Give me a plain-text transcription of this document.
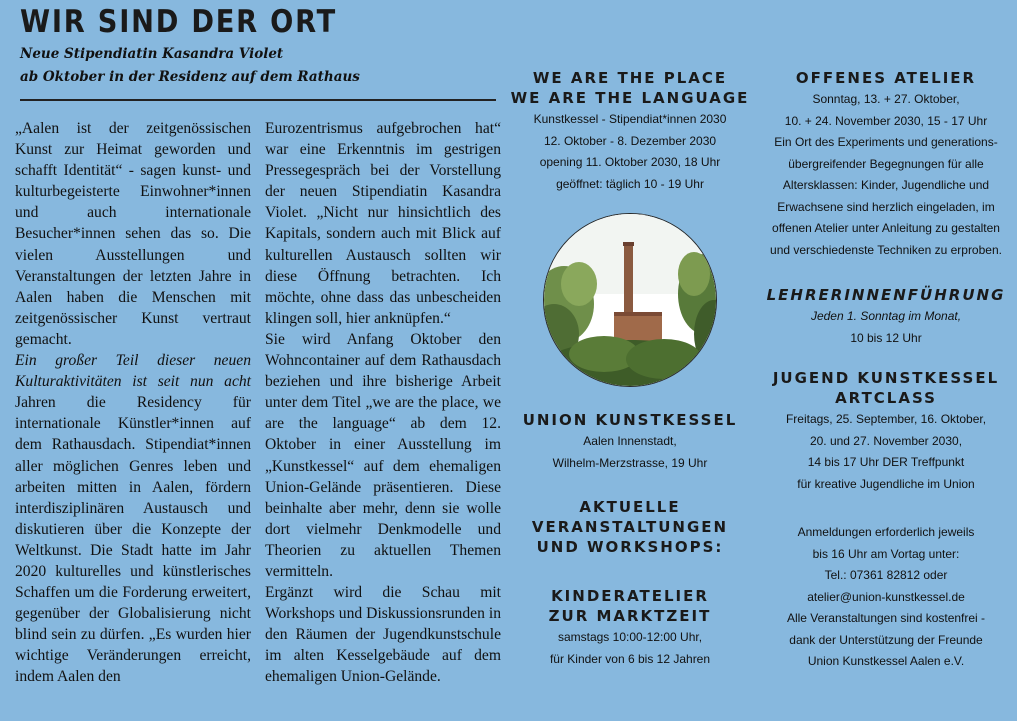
WIR SIND DER ORT

Neue Stipendiatin Kasandra Violet

ab Oktober in der Residenz auf dem Rathaus

„Aalen ist der zeitgenössischen Kunst zur Heimat geworden und schafft Identität“ - sagen kunst- und kulturbegeisterte Einwohner*innen und auch internationale Besucher*innen sehen das so. Die vielen Ausstellungen und Veranstaltungen der letzten Jahre in Aalen haben die Menschen mit zeitgenössischer Kunst vertraut gemacht.

Ein großer Teil dieser neuen Kulturaktivitäten ist seit nun acht Jahren die Residency für internationale Künstler*innen auf dem Rathausdach. Stipendiat*innen aller möglichen Genres leben und arbeiten mitten in Aalen, fördern interdisziplinären Austausch und diskutieren über die Konzepte der Weltkunst. Die Stadt hatte im Jahr 2020 kulturelles und künstlerisches Schaffen um die Forderung erweitert, gegenüber der Globalisierung nicht blind sein zu dürfen. „Es wurden hier wichtige Veränderungen erreicht, indem Aalen den

Eurozentrismus aufgebrochen hat“ war eine Erkenntnis im gestrigen Pressegespräch bei der Vorstellung der neuen Stipendiatin Kasandra Violet. „Nicht nur hinsichtlich des Kapitals, sondern auch mit Blick auf kulturellen Austausch sollten wir diese Öffnung betrachten. Ich möchte, ohne dass das unbescheiden klingen soll, hier anknüpfen.“

Sie wird Anfang Oktober den Wohncontainer auf dem Rathausdach beziehen und ihre bisherige Arbeit unter dem Titel „we are the place, we are the language“ ab dem 12. Oktober in einer Ausstellung im „Kunstkessel“ auf dem ehemaligen Union-Gelände präsentieren. Diese beinhalte aber mehr, denn sie wolle dort vielmehr Denkmodelle und Theorien zu aktuellen Themen vermitteln.

Ergänzt wird die Schau mit Workshops und Diskussionsrunden in den Räumen der Jugendkunstschule im alten Kesselgebäude auf dem ehemaligen Union-Gelände.

WE ARE THE PLACE
WE ARE THE LANGUAGE
Kunstkessel - Stipendiat*innen 2030
12. Oktober - 8. Dezember 2030
opening 11. Oktober 2030, 18 Uhr
geöffnet: täglich 10 - 19 Uhr
UNION KUNSTKESSEL
Aalen Innenstadt,
Wilhelm-Merzstrasse, 19 Uhr
AKTUELLE
VERANSTALTUNGEN
UND WORKSHOPS:
KINDERATELIER
ZUR MARKTZEIT
samstags 10:00-12:00 Uhr,
für Kinder von 6 bis 12 Jahren
OFFENES ATELIER
Sonntag, 13. + 27. Oktober,
10. + 24. November 2030, 15 - 17 Uhr
Ein Ort des Experiments und generations-
übergreifender Begegnungen für alle
Altersklassen: Kinder, Jugendliche und
Erwachsene sind herzlich eingeladen, im
offenen Atelier unter Anleitung zu gestalten
und verschiedenste Techniken zu erproben.
LEHRERINNENFÜHRUNG
Jeden 1. Sonntag im Monat,
10 bis 12 Uhr
JUGEND KUNSTKESSEL
ARTCLASS
Freitags, 25. September, 16. Oktober,
20. und 27. November 2030,
14 bis 17 Uhr DER Treffpunkt
für kreative Jugendliche im Union
Anmeldungen erforderlich jeweils
bis 16 Uhr am Vortag unter:
Tel.: 07361 82812 oder
atelier@union-kunstkessel.de
Alle Veranstaltungen sind kostenfrei -
dank der Unterstützung der Freunde
Union Kunstkessel Aalen e.V.
